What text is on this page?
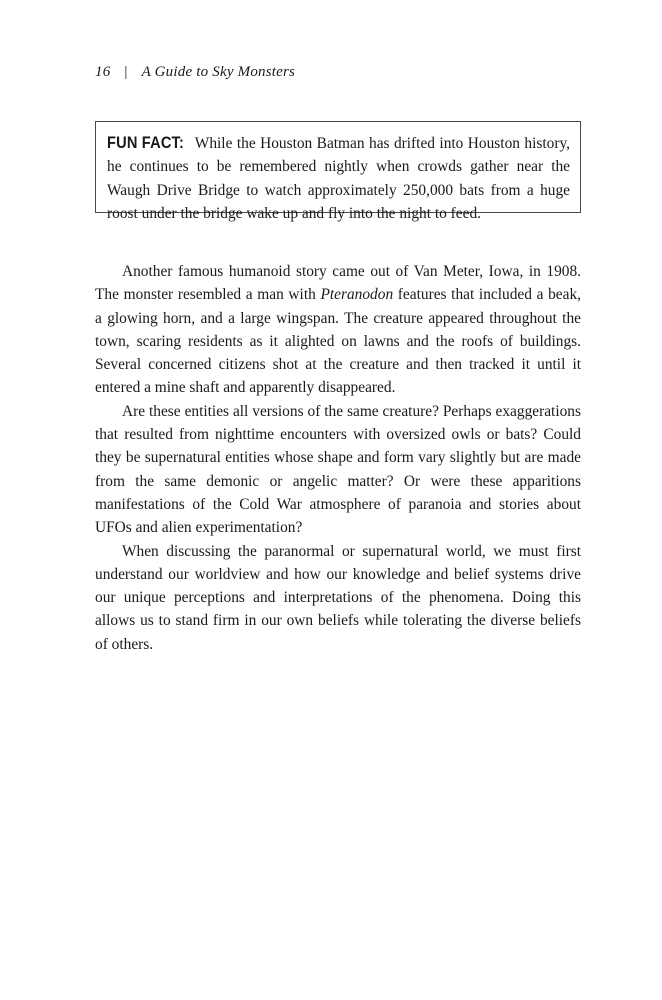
16 | A Guide to Sky Monsters
FUN FACT: While the Houston Batman has drifted into Houston history, he continues to be remembered nightly when crowds gather near the Waugh Drive Bridge to watch approximately 250,000 bats from a huge roost under the bridge wake up and fly into the night to feed.

Another famous humanoid story came out of Van Meter, Iowa, in 1908. The monster resembled a man with Pteranodon features that included a beak, a glowing horn, and a large wingspan. The creature appeared throughout the town, scaring residents as it alighted on lawns and the roofs of buildings. Several concerned citizens shot at the creature and then tracked it until it entered a mine shaft and apparently disappeared.

Are these entities all versions of the same creature? Perhaps exaggerations that resulted from nighttime encounters with oversized owls or bats? Could they be supernatural entities whose shape and form vary slightly but are made from the same demonic or angelic matter? Or were these apparitions manifestations of the Cold War atmosphere of paranoia and stories about UFOs and alien experimentation?

When discussing the paranormal or supernatural world, we must first understand our worldview and how our knowledge and belief systems drive our unique perceptions and interpretations of the phenomena. Doing this allows us to stand firm in our own beliefs while tolerating the diverse beliefs of others.
